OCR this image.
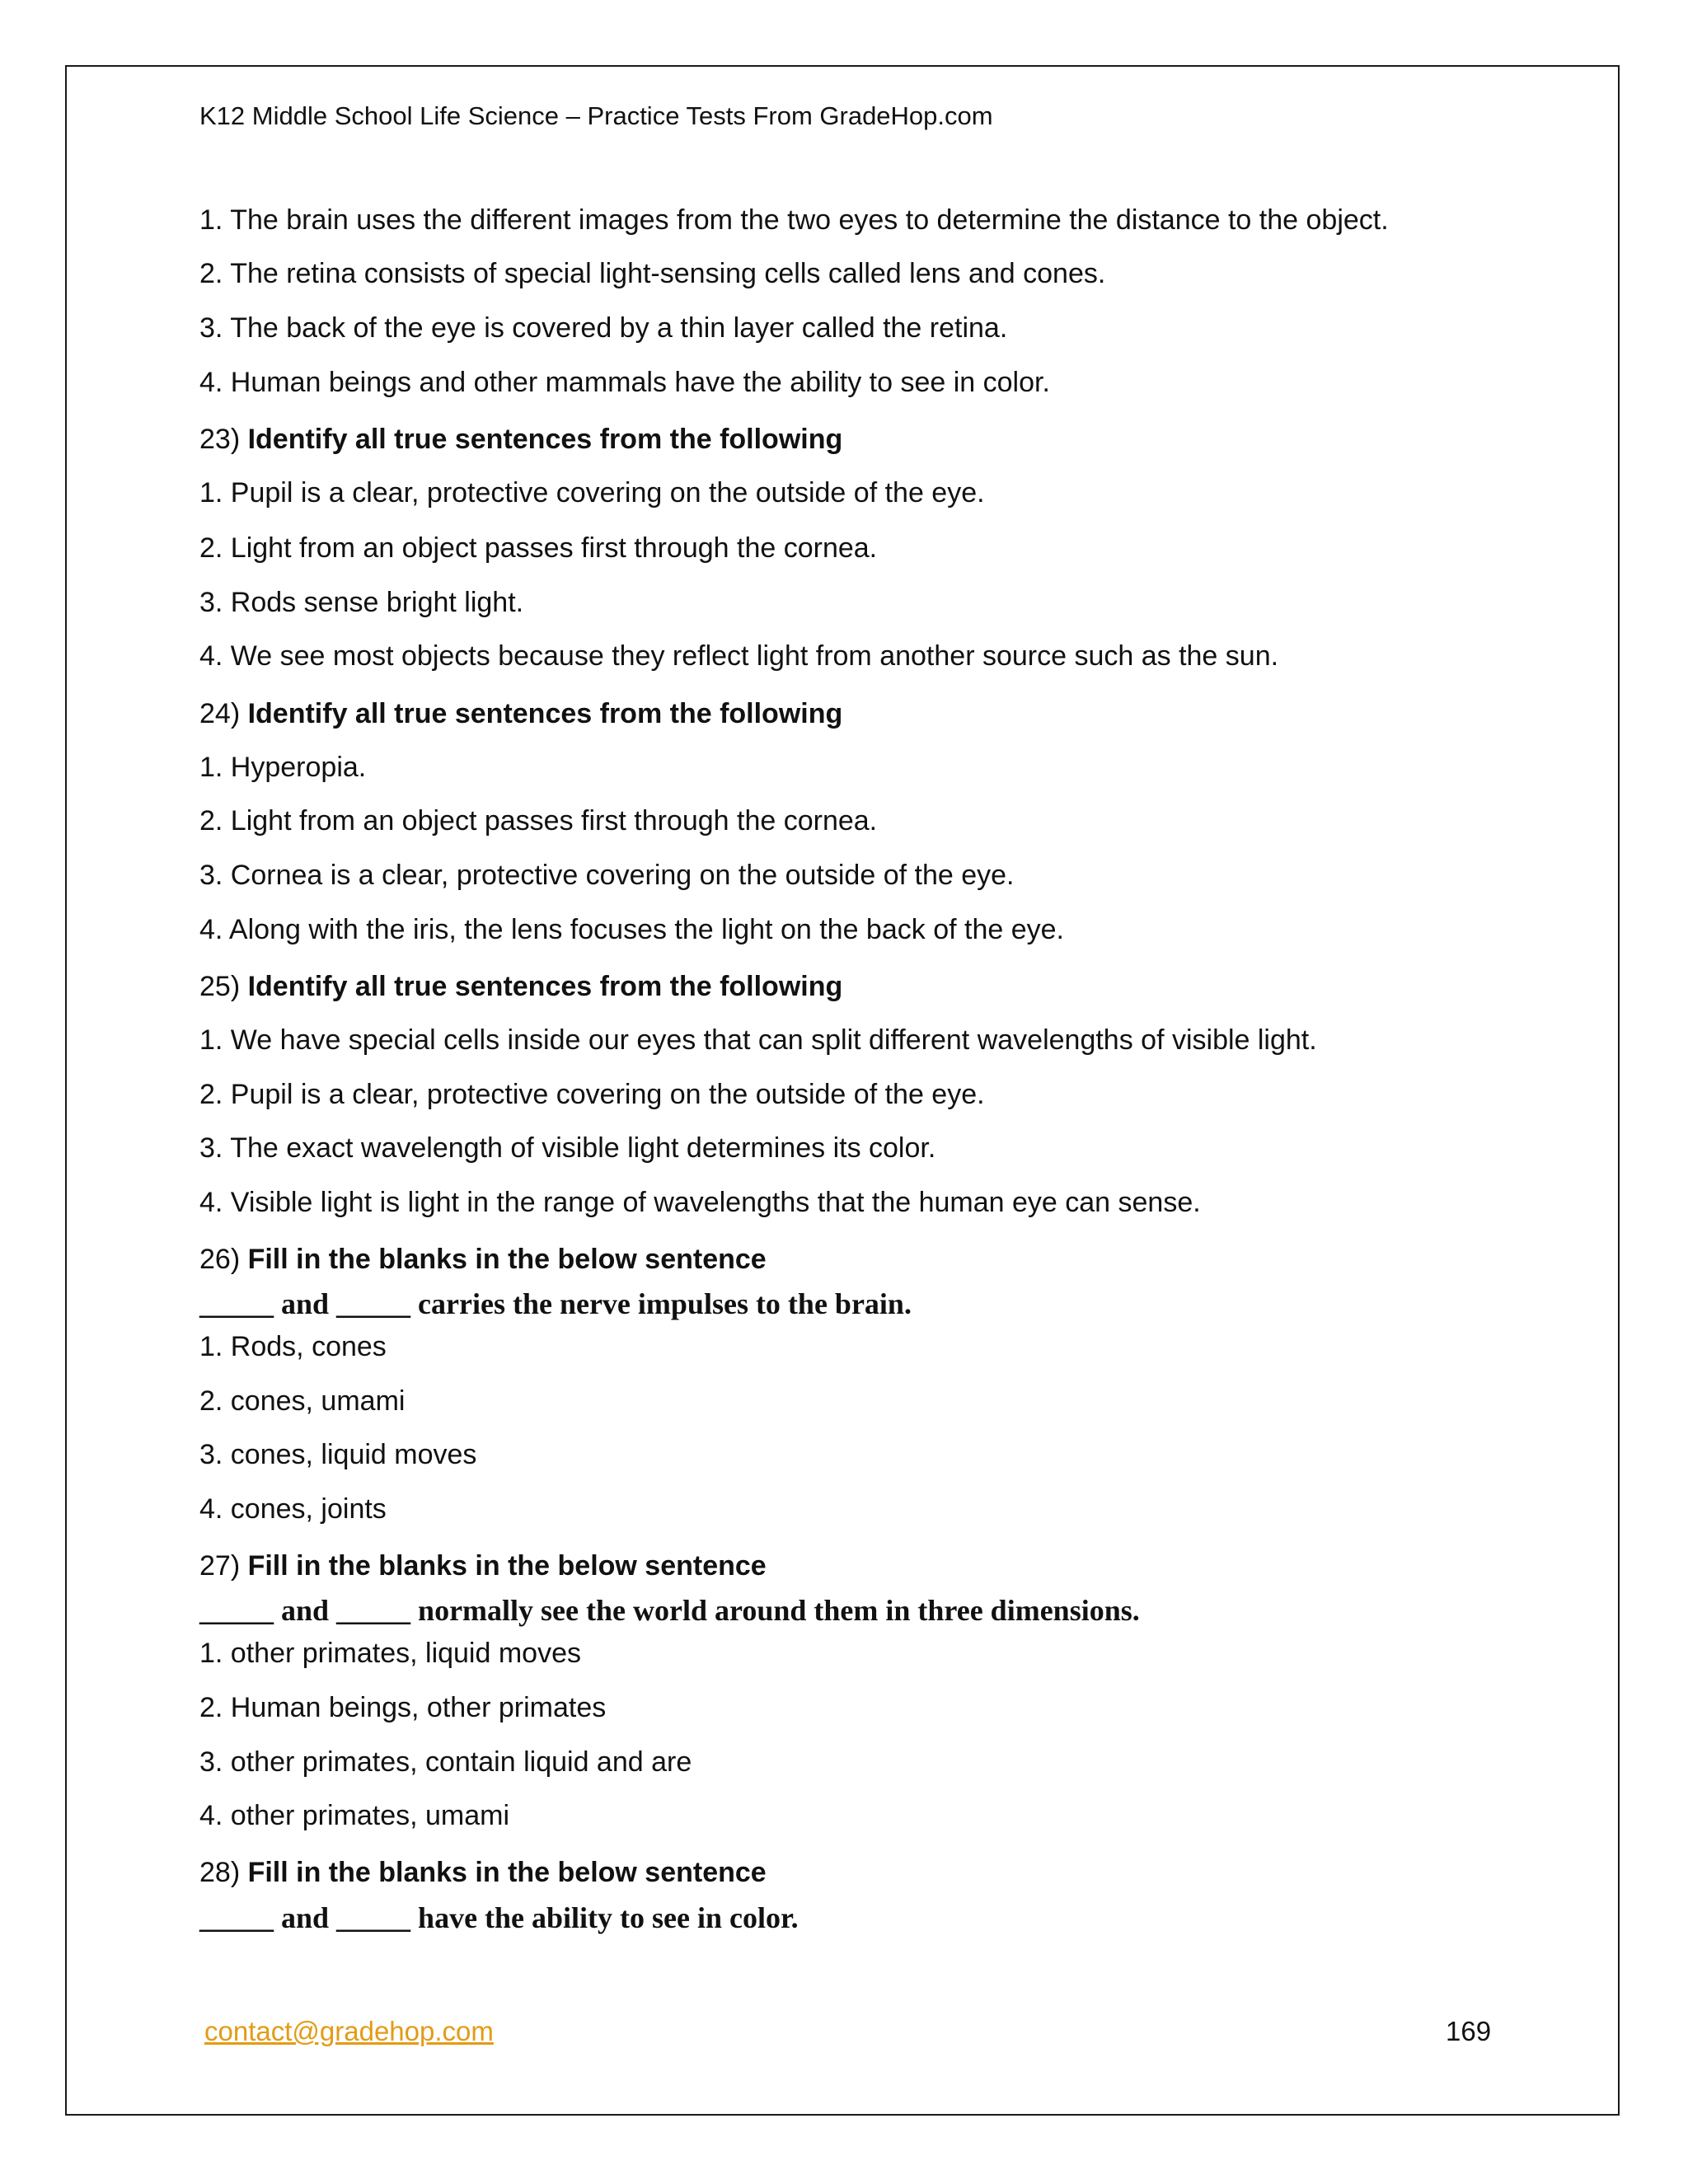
K12 Middle School Life Science – Practice Tests From GradeHop.com
1. The brain uses the different images from the two eyes to determine the distance to the object.
2. The retina consists of special light-sensing cells called lens and cones.
3. The back of the eye is covered by a thin layer called the retina.
4. Human beings and other mammals have the ability to see in color.
23) Identify all true sentences from the following
1. Pupil is a clear, protective covering on the outside of the eye.
2. Light from an object passes first through the cornea.
3. Rods sense bright light.
4. We see most objects because they reflect light from another source such as the sun.
24) Identify all true sentences from the following
1. Hyperopia.
2. Light from an object passes first through the cornea.
3. Cornea is a clear, protective covering on the outside of the eye.
4. Along with the iris, the lens focuses the light on the back of the eye.
25) Identify all true sentences from the following
1. We have special cells inside our eyes that can split different wavelengths of visible light.
2. Pupil is a clear, protective covering on the outside of the eye.
3. The exact wavelength of visible light determines its color.
4. Visible light is light in the range of wavelengths that the human eye can sense.
26) Fill in the blanks in the below sentence
_____ and _____ carries the nerve impulses to the brain.
1. Rods, cones
2. cones, umami
3. cones, liquid moves
4. cones, joints
27) Fill in the blanks in the below sentence
_____ and _____ normally see the world around them in three dimensions.
1. other primates, liquid moves
2. Human beings, other primates
3. other primates, contain liquid and are
4. other primates, umami
28) Fill in the blanks in the below sentence
_____ and _____ have the ability to see in color.
contact@gradehop.com	169
